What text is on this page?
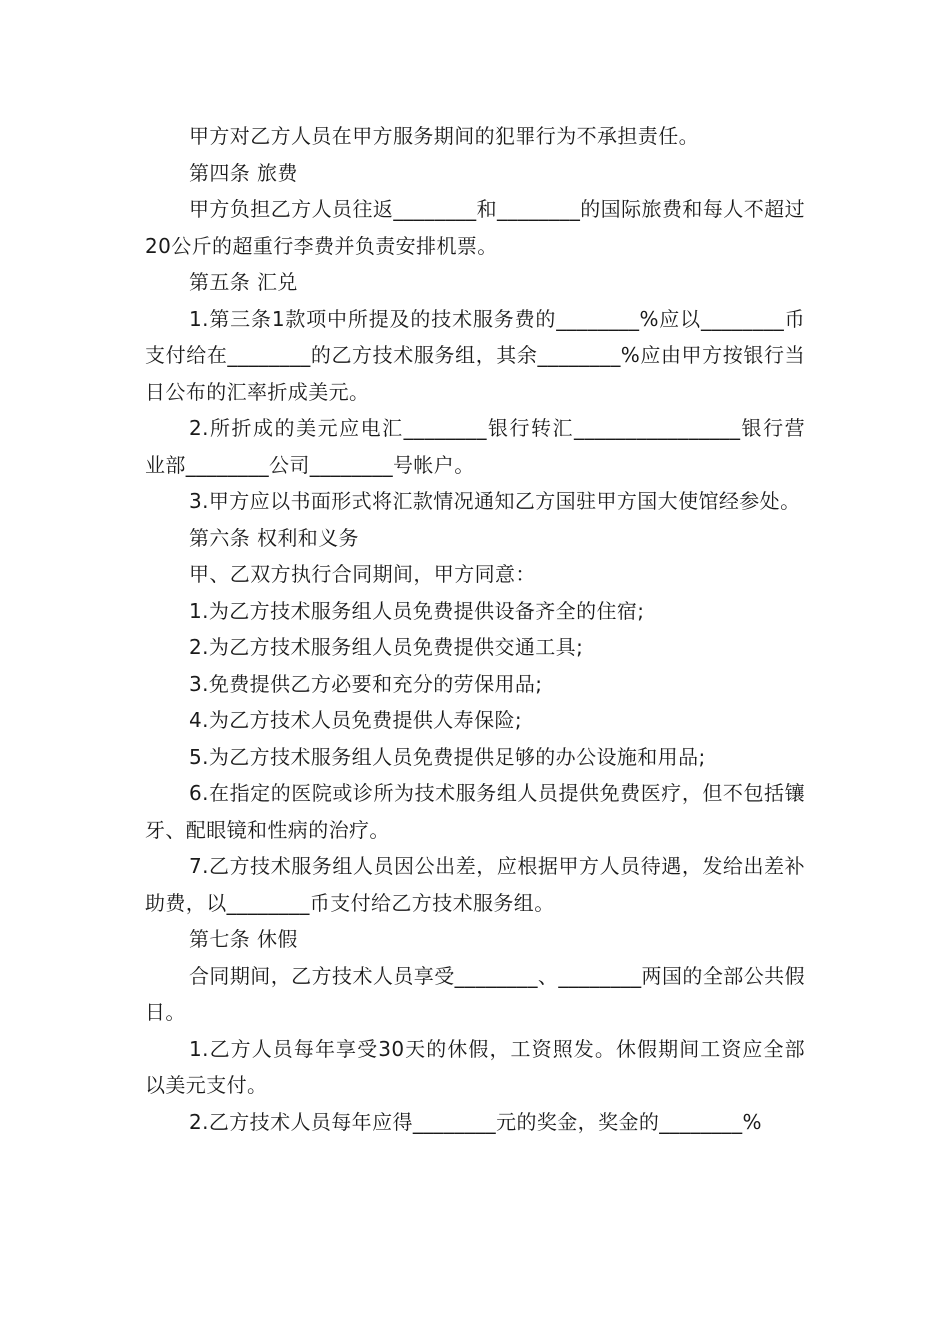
甲方对乙方人员在甲方服务期间的犯罪行为不承担责任。

第四条 旅费

甲方负担乙方人员往返________和________的国际旅费和每人不超过20公斤的超重行李费并负责安排机票。

第五条 汇兑

1.第三条1款项中所提及的技术服务费的________%应以________币支付给在________的乙方技术服务组，其余________%应由甲方按银行当日公布的汇率折成美元。

2.所折成的美元应电汇________银行转汇________________银行营业部________公司________号帐户。

3.甲方应以书面形式将汇款情况通知乙方国驻甲方国大使馆经参处。

第六条 权利和义务

甲、乙双方执行合同期间，甲方同意：

1.为乙方技术服务组人员免费提供设备齐全的住宿;

2.为乙方技术服务组人员免费提供交通工具;

3.免费提供乙方必要和充分的劳保用品;

4.为乙方技术人员免费提供人寿保险;

5.为乙方技术服务组人员免费提供足够的办公设施和用品;

6.在指定的医院或诊所为技术服务组人员提供免费医疗，但不包括镶牙、配眼镜和性病的治疗。

7.乙方技术服务组人员因公出差，应根据甲方人员待遇，发给出差补助费，以________币支付给乙方技术服务组。

第七条 休假

合同期间，乙方技术人员享受________、________两国的全部公共假日。

1.乙方人员每年享受30天的休假，工资照发。休假期间工资应全部以美元支付。

2.乙方技术人员每年应得________元的奖金，奖金的________%
